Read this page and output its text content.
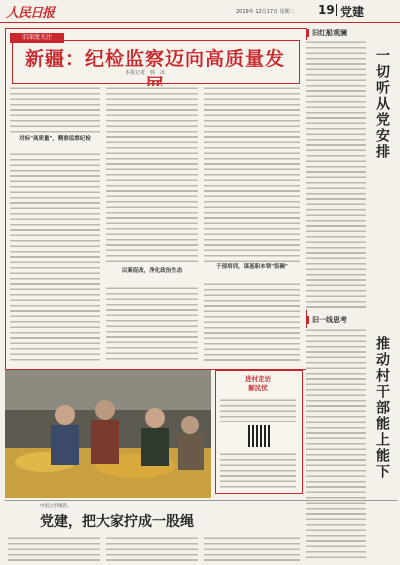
人民日报	2019年 12月17日 星期二 19 党建
旧深度关注
新疆：纪检监察迈向高质量发
本报记者　韩　冰
对标"高质量"，精准监察纪检
以案促改，净化政治生态
于部培训，谋基职本领"饭碗"
进村走访
解民忧
旧红船观澜
一切听从党安排
旧一线思考
推动村干部能上能下
中国之治聚新。
党建，把大家拧成一股绳
